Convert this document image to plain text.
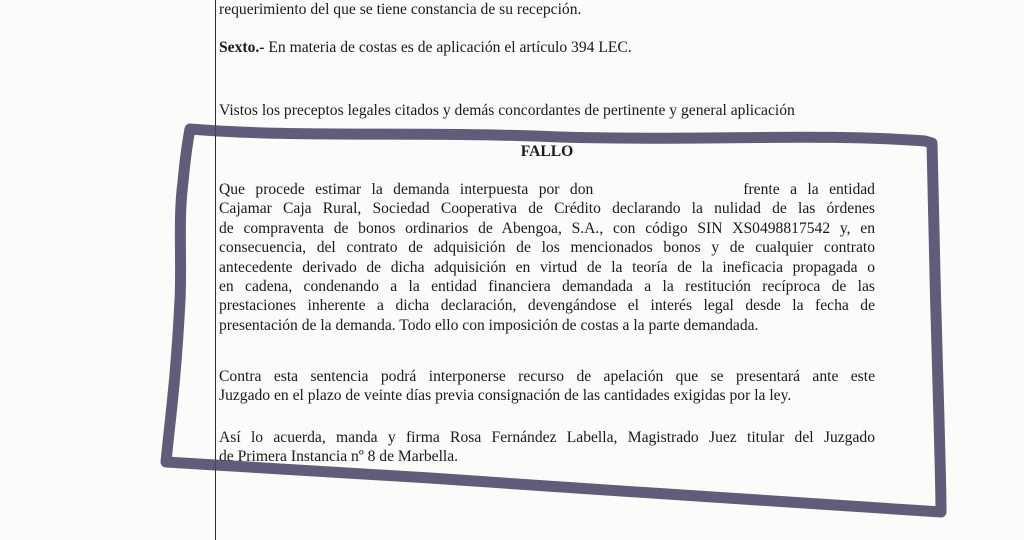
requerimiento del que se tiene constancia de su recepción.
Sexto.- En materia de costas es de aplicación el artículo 394 LEC.
Vistos los preceptos legales citados y demás concordantes de pertinente y general aplicación
FALLO
Que procede estimar la demanda interpuesta por don	frente a la entidad
Cajamar Caja Rural, Sociedad Cooperativa de Crédito declarando la nulidad de las órdenes
de compraventa de bonos ordinarios de Abengoa, S.A., con código SIN XS0498817542 y, en
consecuencia, del contrato de adquisición de los mencionados bonos y de cualquier contrato
antecedente derivado de dicha adquisición en virtud de la teoría de la ineficacia propagada o
en cadena, condenando a la entidad financiera demandada a la restitución recíproca de las
prestaciones inherente a dicha declaración, devengándose el interés legal desde la fecha de
presentación de la demanda. Todo ello con imposición de costas a la parte demandada.
Contra esta sentencia podrá interponerse recurso de apelación que se presentará ante este
Juzgado en el plazo de veinte días previa consignación de las cantidades exigidas por la ley.
Así lo acuerda, manda y firma Rosa Fernández Labella, Magistrado Juez titular del Juzgado
de Primera Instancia nº 8 de Marbella.
